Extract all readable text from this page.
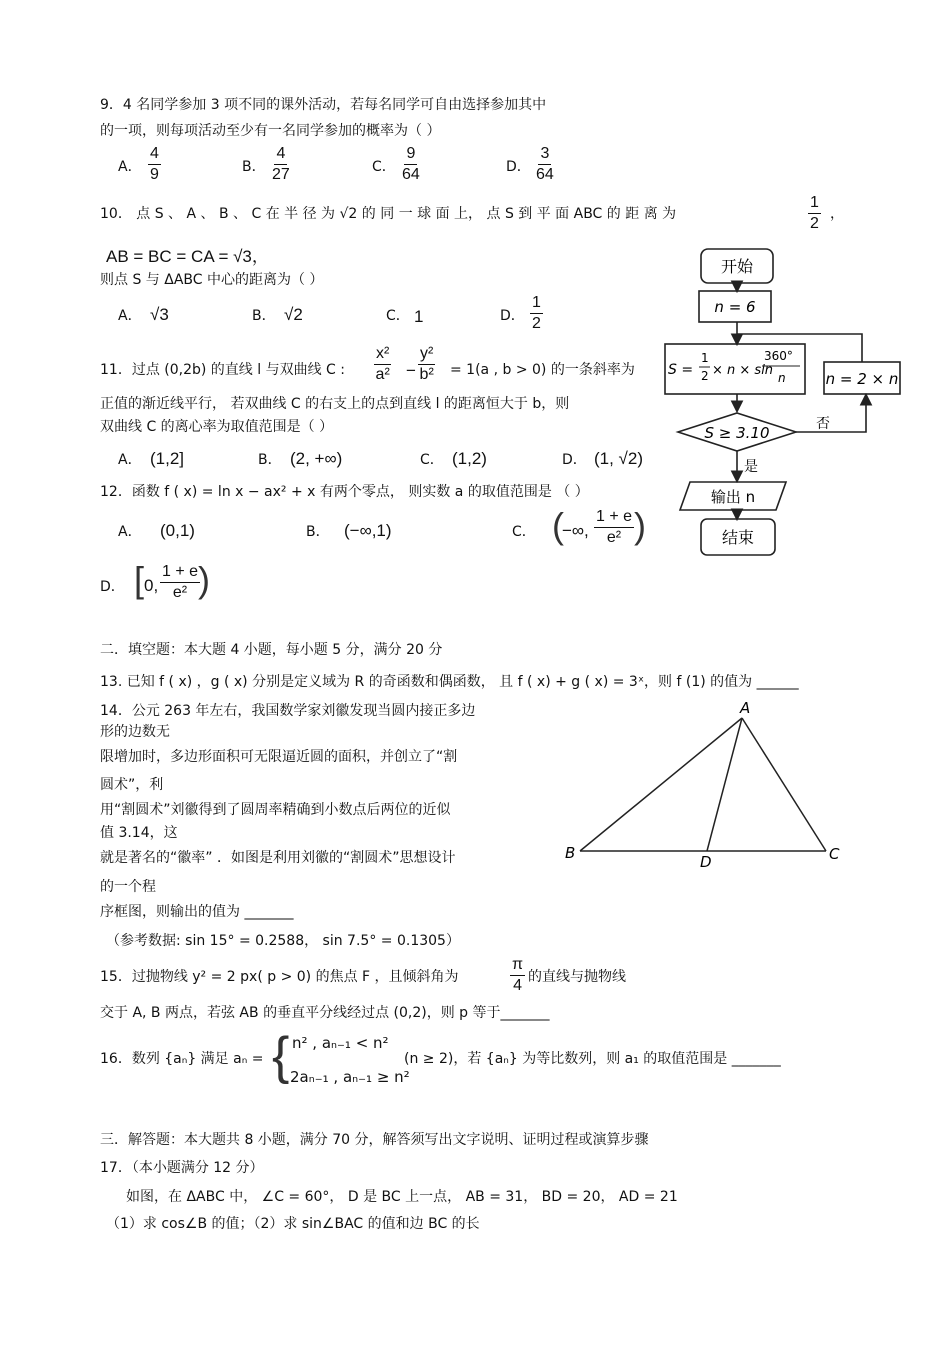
9．4 名同学参加 3 项不同的课外活动，若每名同学可自由选择参加其中
的一项，则每项活动至少有一名同学参加的概率为（ ）
A． $\frac{4}{9}$	B． $\frac{4}{27}$	C． $\frac{9}{64}$	D． $\frac{3}{64}$
10． 点 S 、 A 、 B 、 C 在 半 径 为 √2 的 同 一 球 面 上， 点 S 到 平 面 ABC 的 距 离 为	$\frac{1}{2}$ ，
AB = BC = CA = √3，
则点 S 与 ΔABC 中心的距离为（ ）
A． √3	B． √2	C． 1	D． $\frac{1}{2}$
11．过点 (0,2b) 的直线 l 与双曲线 C : $\frac{\text{x²}}{\text{a²}} - \frac{\text{y²}}{\text{b²}} = 1(a$ , b > 0) 的一条斜率为
正值的渐近线平行， 若双曲线 C 的右支上的点到直线 l 的距离恒大于 b，则
双曲线 C 的离心率为取值范围是（ ）
A． (1,2]	B． (2, +∞)	C． (1,2)	D． (1, √2)
12．函数 f ( x) = ln x − ax² + x 有两个零点， 则实数 a 的取值范围是 （ ）
A． (0,1)	B． (−∞,1)	C． (
−∞, $\frac{1 + e}{\text{e²}}$ )
D． [ 0, $\frac{1 + e}{\text{e²}}$
)
二．填空题：本大题 4 小题，每小题 5 分，满分 20 分
13. 已知 f ( x) ，g ( x) 分别是定义域为 R 的奇函数和偶函数， 且 f ( x) + g ( x) = 3ˣ，则 f (1) 的值为 ______
14．公元 263 年左右，我国数学家刘徽发现当圆内接正多边
形的边数无
限增加时，多边形面积可无限逼近圆的面积，并创立了“割
圆术”，利
用“割圆术”刘徽得到了圆周率精确到小数点后两位的近似
值 3.14，这
就是著名的“徽率” ．如图是利用刘徽的“割圆术”思想设计
的一个程
序框图，则输出的值为 _______
（参考数据: sin 15° = 0.2588， sin 7.5° = 0.1305）
15．过抛物线 y² = 2 px( p > 0) 的焦点 F ，且倾斜角为	$\frac{\pi}{4}$ 的直线与抛物线
交于 A, B 两点，若弦 AB 的垂直平分线经过点 (0,2)，则 p 等于_______
16．数列 {aₙ} 满足 aₙ = { n² , aₙ₋₁ < n²
2aₙ₋₁ , aₙ₋₁ ≥ n²
(n ≥ 2)，若 {aₙ} 为等比数列，则 a₁ 的取值范围是 _______
三．解答题：本大题共 8 小题，满分 70 分，解答须写出文字说明、证明过程或演算步骤
17．（本小题满分 12 分）
如图，在 ΔABC 中， ∠C = 60°， D 是 BC 上一点， AB = 31， BD = 20， AD = 21
（1）求 cos∠B 的值；（2）求 sin∠BAC 的值和边 BC 的长
开始
n = 6
S =
1
2 × n × sin
360°
n	n = 2 × n
S ≥ 3.10	否
是
输出 n
结束
A
B	C
D
